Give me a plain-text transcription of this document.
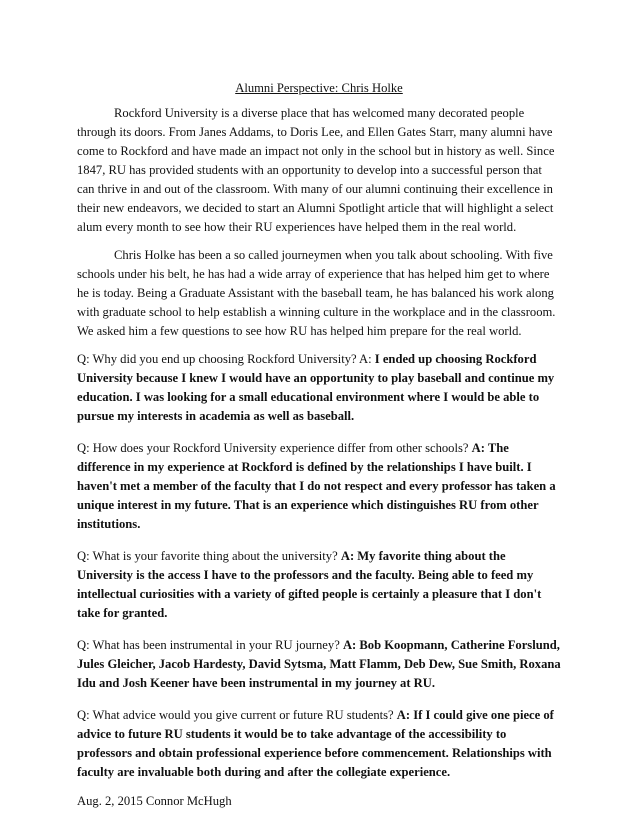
Alumni Perspective: Chris Holke

Rockford University is a diverse place that has welcomed many decorated people through its doors. From Janes Addams, to Doris Lee, and Ellen Gates Starr, many alumni have come to Rockford and have made an impact not only in the school but in history as well. Since 1847, RU has provided students with an opportunity to develop into a successful person that can thrive in and out of the classroom. With many of our alumni continuing their excellence in their new endeavors, we decided to start an Alumni Spotlight article that will highlight a select alum every month to see how their RU experiences have helped them in the real world.

Chris Holke has been a so called journeymen when you talk about schooling. With five schools under his belt, he has had a wide array of experience that has helped him get to where he is today. Being a Graduate Assistant with the baseball team, he has balanced his work along with graduate school to help establish a winning culture in the workplace and in the classroom. We asked him a few questions to see how RU has helped him prepare for the real world.

Q: Why did you end up choosing Rockford University? A: I ended up choosing Rockford University because I knew I would have an opportunity to play baseball and continue my education. I was looking for a small educational environment where I would be able to pursue my interests in academia as well as baseball.
Q: How does your Rockford University experience differ from other schools? A: The difference in my experience at Rockford is defined by the relationships I have built. I haven't met a member of the faculty that I do not respect and every professor has taken a unique interest in my future. That is an experience which distinguishes RU from other institutions.
Q: What is your favorite thing about the university? A: My favorite thing about the University is the access I have to the professors and the faculty. Being able to feed my intellectual curiosities with a variety of gifted people is certainly a pleasure that I don't take for granted.
Q: What has been instrumental in your RU journey? A: Bob Koopmann, Catherine Forslund, Jules Gleicher, Jacob Hardesty, David Sytsma, Matt Flamm, Deb Dew, Sue Smith, Roxana Idu and Josh Keener have been instrumental in my journey at RU.
Q: What advice would you give current or future RU students? A: If I could give one piece of advice to future RU students it would be to take advantage of the accessibility to professors and obtain professional experience before commencement. Relationships with faculty are invaluable both during and after the collegiate experience.
Aug. 2, 2015 Connor McHugh
